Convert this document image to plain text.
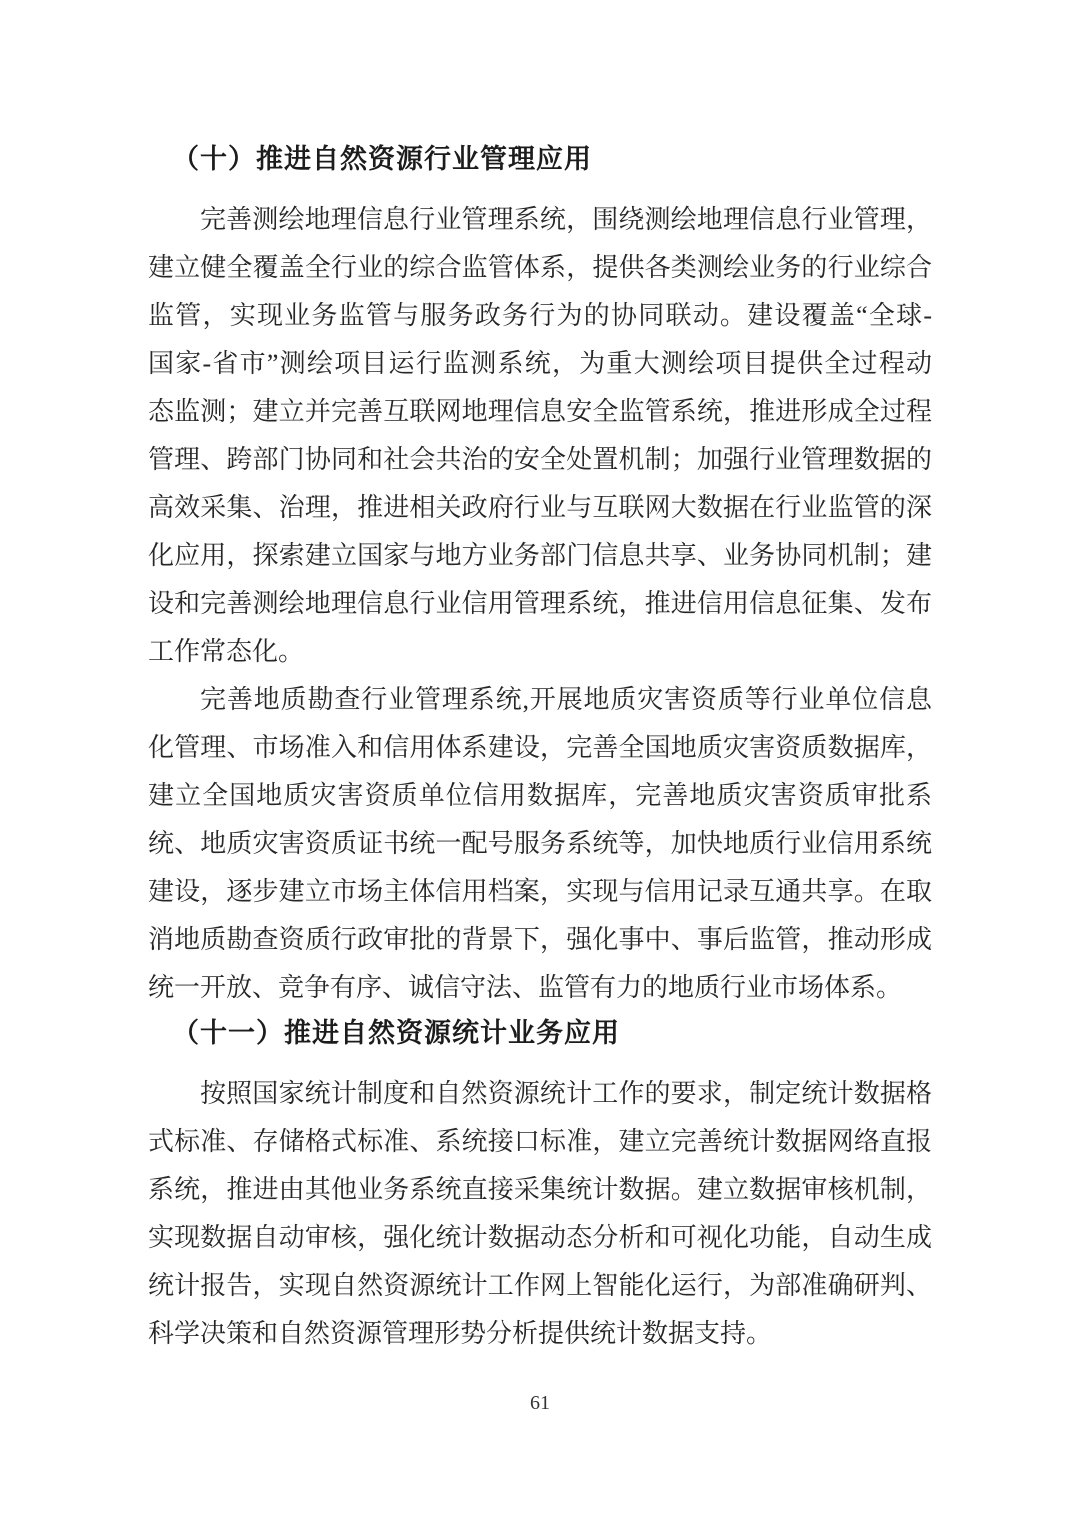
（十）推进自然资源行业管理应用

完善测绘地理信息行业管理系统，围绕测绘地理信息行业管理，
建立健全覆盖全行业的综合监管体系，提供各类测绘业务的行业综合
监管，实现业务监管与服务政务行为的协同联动。建设覆盖“全球-
国家-省市”测绘项目运行监测系统，为重大测绘项目提供全过程动
态监测；建立并完善互联网地理信息安全监管系统，推进形成全过程
管理、跨部门协同和社会共治的安全处置机制；加强行业管理数据的
高效采集、治理，推进相关政府行业与互联网大数据在行业监管的深
化应用，探索建立国家与地方业务部门信息共享、业务协同机制；建
设和完善测绘地理信息行业信用管理系统，推进信用信息征集、发布
工作常态化。

完善地质勘查行业管理系统,开展地质灾害资质等行业单位信息
化管理、市场准入和信用体系建设，完善全国地质灾害资质数据库，
建立全国地质灾害资质单位信用数据库，完善地质灾害资质审批系
统、地质灾害资质证书统一配号服务系统等，加快地质行业信用系统
建设，逐步建立市场主体信用档案，实现与信用记录互通共享。在取
消地质勘查资质行政审批的背景下，强化事中、事后监管，推动形成
统一开放、竞争有序、诚信守法、监管有力的地质行业市场体系。

（十一）推进自然资源统计业务应用

按照国家统计制度和自然资源统计工作的要求，制定统计数据格
式标准、存储格式标准、系统接口标准，建立完善统计数据网络直报
系统，推进由其他业务系统直接采集统计数据。建立数据审核机制，
实现数据自动审核，强化统计数据动态分析和可视化功能，自动生成
统计报告，实现自然资源统计工作网上智能化运行，为部准确研判、
科学决策和自然资源管理形势分析提供统计数据支持。

61
